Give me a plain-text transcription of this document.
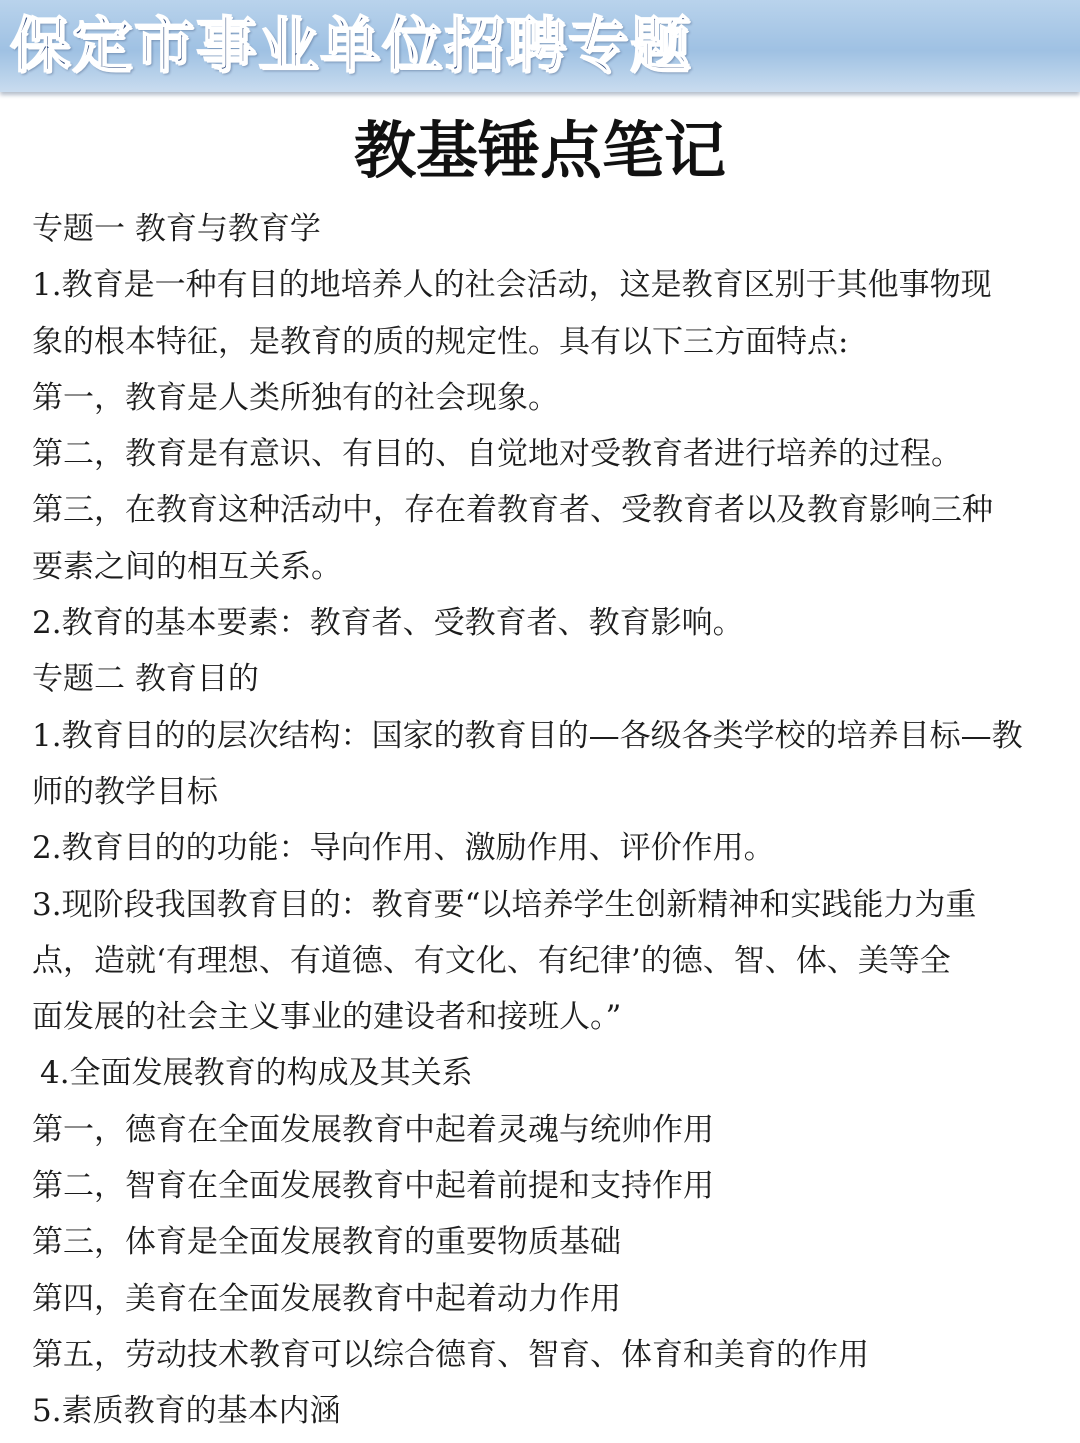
保定市事业单位招聘专题
教基锤点笔记

专题一 教育与教育学

1.教育是一种有目的地培养人的社会活动，这是教育区别于其他事物现

象的根本特征，是教育的质的规定性。具有以下三方面特点:

第一，教育是人类所独有的社会现象。

第二，教育是有意识、有目的、自觉地对受教育者进行培养的过程。

第三，在教育这种活动中，存在着教育者、受教育者以及教育影响三种

要素之间的相互关系。

2.教育的基本要素：教育者、受教育者、教育影响。

专题二 教育目的

1.教育目的的层次结构：国家的教育目的—各级各类学校的培养目标—教

师的教学目标

2.教育目的的功能：导向作用、激励作用、评价作用。

3.现阶段我国教育目的：教育要“以培养学生创新精神和实践能力为重

点，造就‘有理想、有道德、有文化、有纪律’的德、智、体、美等全

面发展的社会主义事业的建设者和接班人。”

4.全面发展教育的构成及其关系

第一，德育在全面发展教育中起着灵魂与统帅作用

第二，智育在全面发展教育中起着前提和支持作用

第三，体育是全面发展教育的重要物质基础

第四，美育在全面发展教育中起着动力作用

第五，劳动技术教育可以综合德育、智育、体育和美育的作用

5.素质教育的基本内涵
